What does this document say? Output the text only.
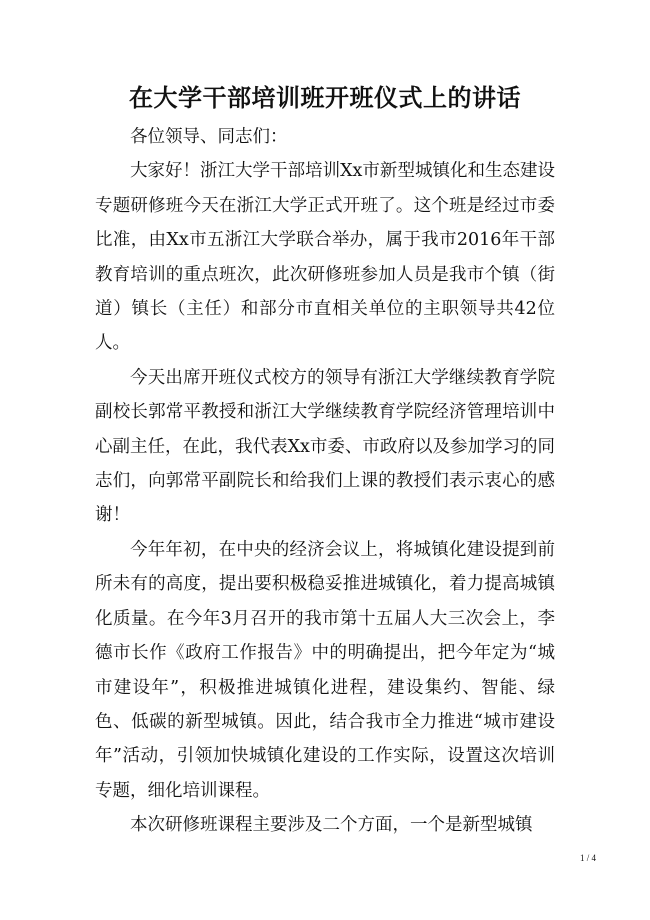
在大学干部培训班开班仪式上的讲话

各位领导、同志们：

大家好！浙江大学干部培训Xx市新型城镇化和生态建设专题研修班今天在浙江大学正式开班了。这个班是经过市委比准，由Xx市五浙江大学联合举办，属于我市2016年干部教育培训的重点班次，此次研修班参加人员是我市个镇（街道）镇长（主任）和部分市直相关单位的主职领导共42位人。

今天出席开班仪式校方的领导有浙江大学继续教育学院副校长郭常平教授和浙江大学继续教育学院经济管理培训中心副主任，在此，我代表Xx市委、市政府以及参加学习的同志们，向郭常平副院长和给我们上课的教授们表示衷心的感谢！

今年年初，在中央的经济会议上，将城镇化建设提到前所未有的高度，提出要积极稳妥推进城镇化，着力提高城镇化质量。在今年3月召开的我市第十五届人大三次会上，李德市长作《政府工作报告》中的明确提出，把今年定为“城市建设年”，积极推进城镇化进程，建设集约、智能、绿色、低碳的新型城镇。因此，结合我市全力推进“城市建设年”活动，引领加快城镇化建设的工作实际，设置这次培训专题，细化培训课程。

本次研修班课程主要涉及二个方面，一个是新型城镇

1 / 4
